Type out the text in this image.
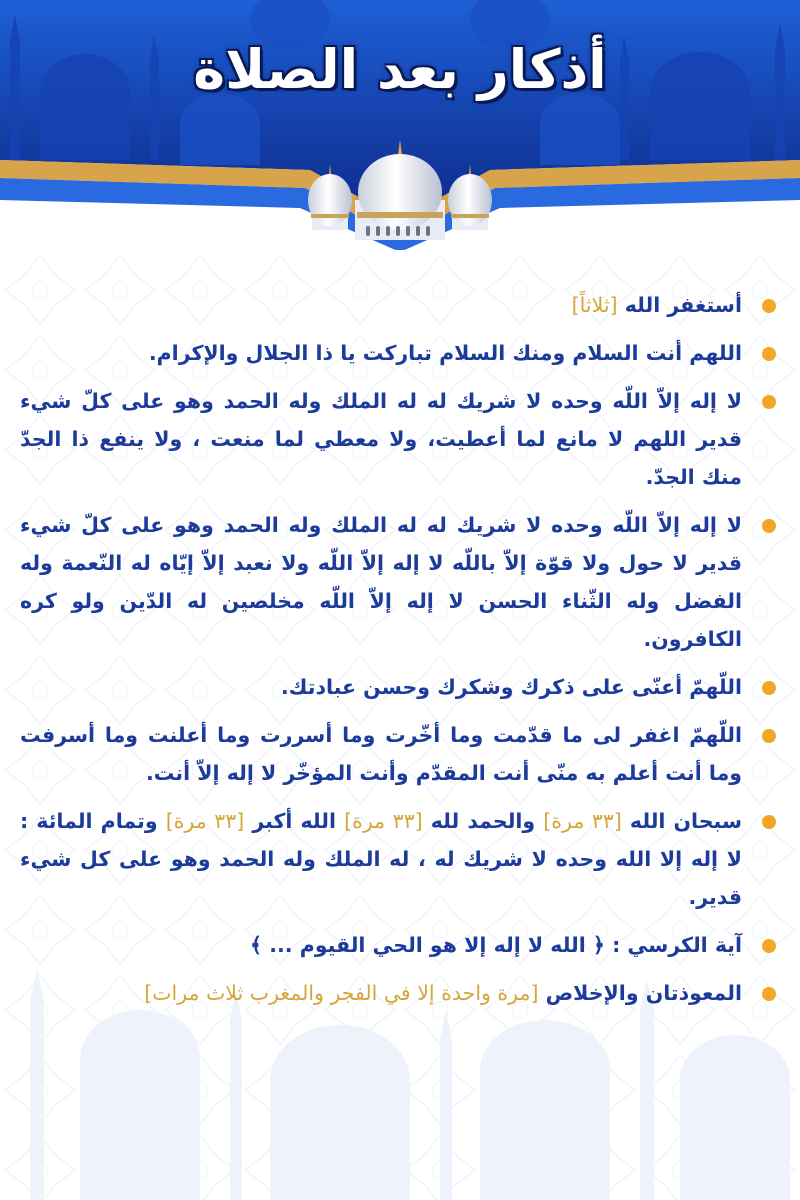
أذكار بعد الصلاة
أستغفر الله [ثلاثاً]
اللهم أنت السلام ومنك السلام تباركت يا ذا الجلال والإكرام.
لا إله إلاّ اللّه وحده لا شريك له له الملك وله الحمد وهو على كلّ شيء قدير اللهم لا مانع لما أعطيت، ولا معطي لما منعت ، ولا ينفع ذا الجدّ منك الجدّ.
لا إله إلاّ اللّه وحده لا شريك له له الملك وله الحمد وهو على كلّ شيء قدير لا حول ولا قوّة إلاّ باللّه لا إله إلاّ اللّه ولا نعبد إلاّ إيّاه له النّعمة وله الفضل وله الثّناء الحسن لا إله إلاّ اللّه مخلصين له الدّين ولو كره الكافرون.
اللّهمّ أعنّى على ذكرك وشكرك وحسن عبادتك.
اللّهمّ اغفر لى ما قدّمت وما أخّرت وما أسررت وما أعلنت وما أسرفت وما أنت أعلم به منّى أنت المقدّم وأنت المؤخّر لا إله إلاّ أنت.
سبحان الله [٣٣ مرة] والحمد لله [٣٣ مرة] الله أكبر [٣٣ مرة] وتمام المائة : لا إله إلا الله وحده لا شريك له ، له الملك وله الحمد وهو على كل شيء قدير.
آية الكرسي : ﴿ الله لا إله إلا هو الحي القيوم ... ﴾
المعوذتان والإخلاص [مرة واحدة إلا في الفجر والمغرب ثلاث مرات]
